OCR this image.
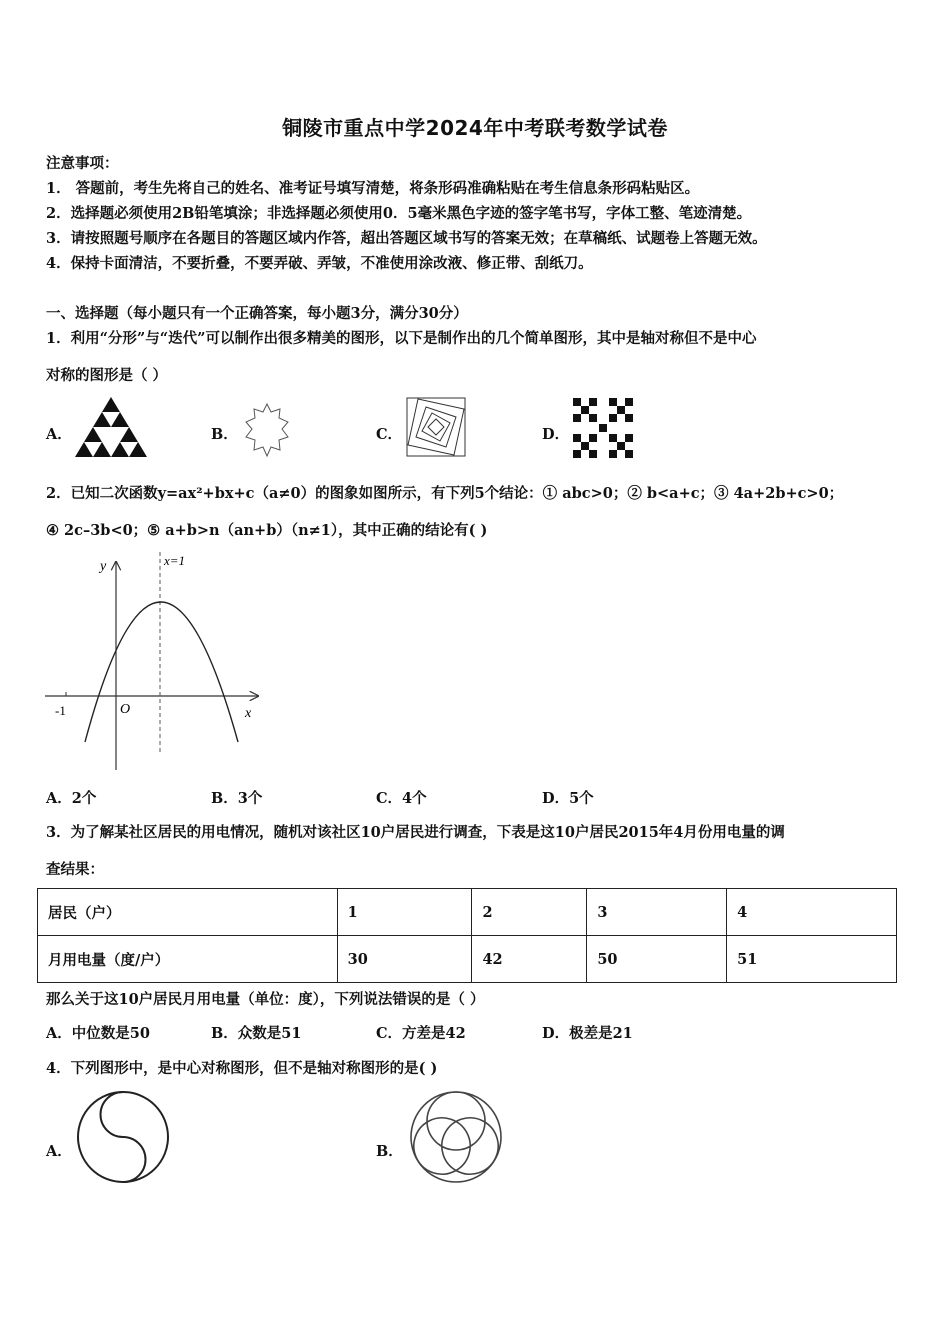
铜陵市重点中学2024年中考联考数学试卷
注意事项：
1． 答题前，考生先将自己的姓名、准考证号填写清楚，将条形码准确粘贴在考生信息条形码粘贴区。
2．选择题必须使用2B铅笔填涂；非选择题必须使用0．5毫米黑色字迹的签字笔书写，字体工整、笔迹清楚。
3．请按照题号顺序在各题目的答题区域内作答，超出答题区域书写的答案无效；在草稿纸、试题卷上答题无效。
4．保持卡面清洁，不要折叠，不要弄破、弄皱，不准使用涂改液、修正带、刮纸刀。
一、选择题（每小题只有一个正确答案，每小题3分，满分30分）
1．利用“分形”与“迭代”可以制作出很多精美的图形，以下是制作出的几个简单图形，其中是轴对称但不是中心
对称的图形是（ ）
A．	B．	C．	D．
2．已知二次函数y=ax²+bx+c（a≠0）的图象如图所示，有下列5个结论：① abc>0；② b<a+c；③ 4a+2b+c>0；
④ 2c–3b<0；⑤ a+b>n（an+b）（n≠1），其中正确的结论有( )
y
x
O
-1
x=1
A．2个	B．3个	C．4个	D．5个
3．为了解某社区居民的用电情况，随机对该社区10户居民进行调查，下表是这10户居民2015年4月份用电量的调
查结果：
居民（户）	1	2	3	4
月用电量（度/户）	30	42	50	51
那么关于这10户居民月用电量（单位：度），下列说法错误的是（ ）
A．中位数是50	B．众数是51	C．方差是42	D．极差是21
4．下列图形中，是中心对称图形，但不是轴对称图形的是( )
A．	B．
